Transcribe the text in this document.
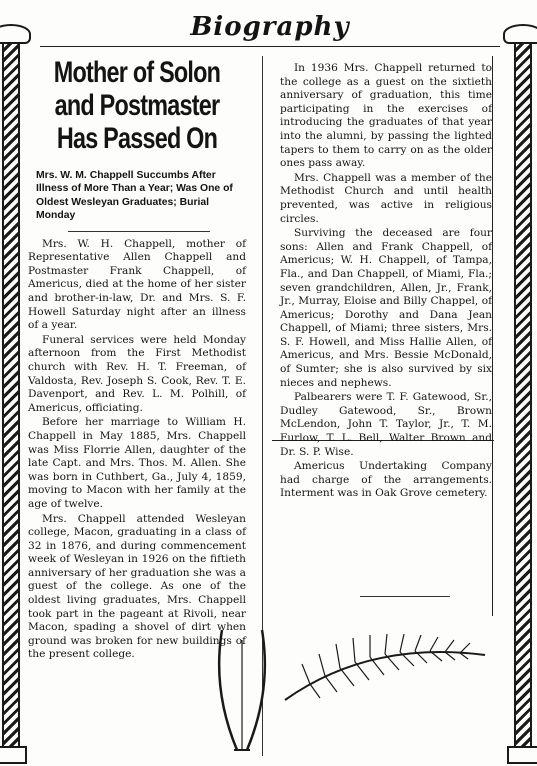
Biography
Mother of Solon
and Postmaster
Has Passed On
Mrs. W. M. Chappell Succumbs After Illness of More Than a Year; Was One of Oldest Wesleyan Graduates; Burial Monday

Mrs. W. H. Chappell, mother of Representative Allen Chappell and Postmaster Frank Chappell, of Americus, died at the home of her sister and brother-in-law, Dr. and Mrs. S. F. Howell Saturday night after an illness of a year.

Funeral services were held Monday afternoon from the First Methodist church with Rev. H. T. Freeman, of Valdosta, Rev. Joseph S. Cook, Rev. T. E. Davenport, and Rev. L. M. Polhill, of Americus, officiating.

Before her marriage to William H. Chappell in May 1885, Mrs. Chappell was Miss Florrie Allen, daughter of the late Capt. and Mrs. Thos. M. Allen. She was born in Cuthbert, Ga., July 4, 1859, moving to Macon with her family at the age of twelve.

Mrs. Chappell attended Wesleyan college, Macon, graduating in a class of 32 in 1876, and during commencement week of Wesleyan in 1926 on the fiftieth anniversary of her graduation she was a guest of the college. As one of the oldest living graduates, Mrs. Chappell took part in the pageant at Rivoli, near Macon, spading a shovel of dirt when ground was broken for new buildings of the present college.

In 1936 Mrs. Chappell returned to the college as a guest on the sixtieth anniversary of graduation, this time participating in the exercises of introducing the graduates of that year into the alumni, by passing the lighted tapers to them to carry on as the older ones pass away.

Mrs. Chappell was a member of the Methodist Church and until health prevented, was active in religious circles.

Surviving the deceased are four sons: Allen and Frank Chappell, of Americus; W. H. Chappell, of Tampa, Fla., and Dan Chappell, of Miami, Fla.; seven grandchildren, Allen, Jr., Frank, Jr., Murray, Eloise and Billy Chappel, of Americus; Dorothy and Dana Jean Chappell, of Miami; three sisters, Mrs. S. F. Howell, and Miss Hallie Allen, of Americus, and Mrs. Bessie McDonald, of Sumter; she is also survived by six nieces and nephews.

Palbearers were T. F. Gatewood, Sr., Dudley Gatewood, Sr., Brown McLendon, John T. Taylor, Jr., T. M. Furlow, T. L. Bell, Walter Brown and Dr. S. P. Wise.

Americus Undertaking Company had charge of the arrangements. Interment was in Oak Grove cemetery.
